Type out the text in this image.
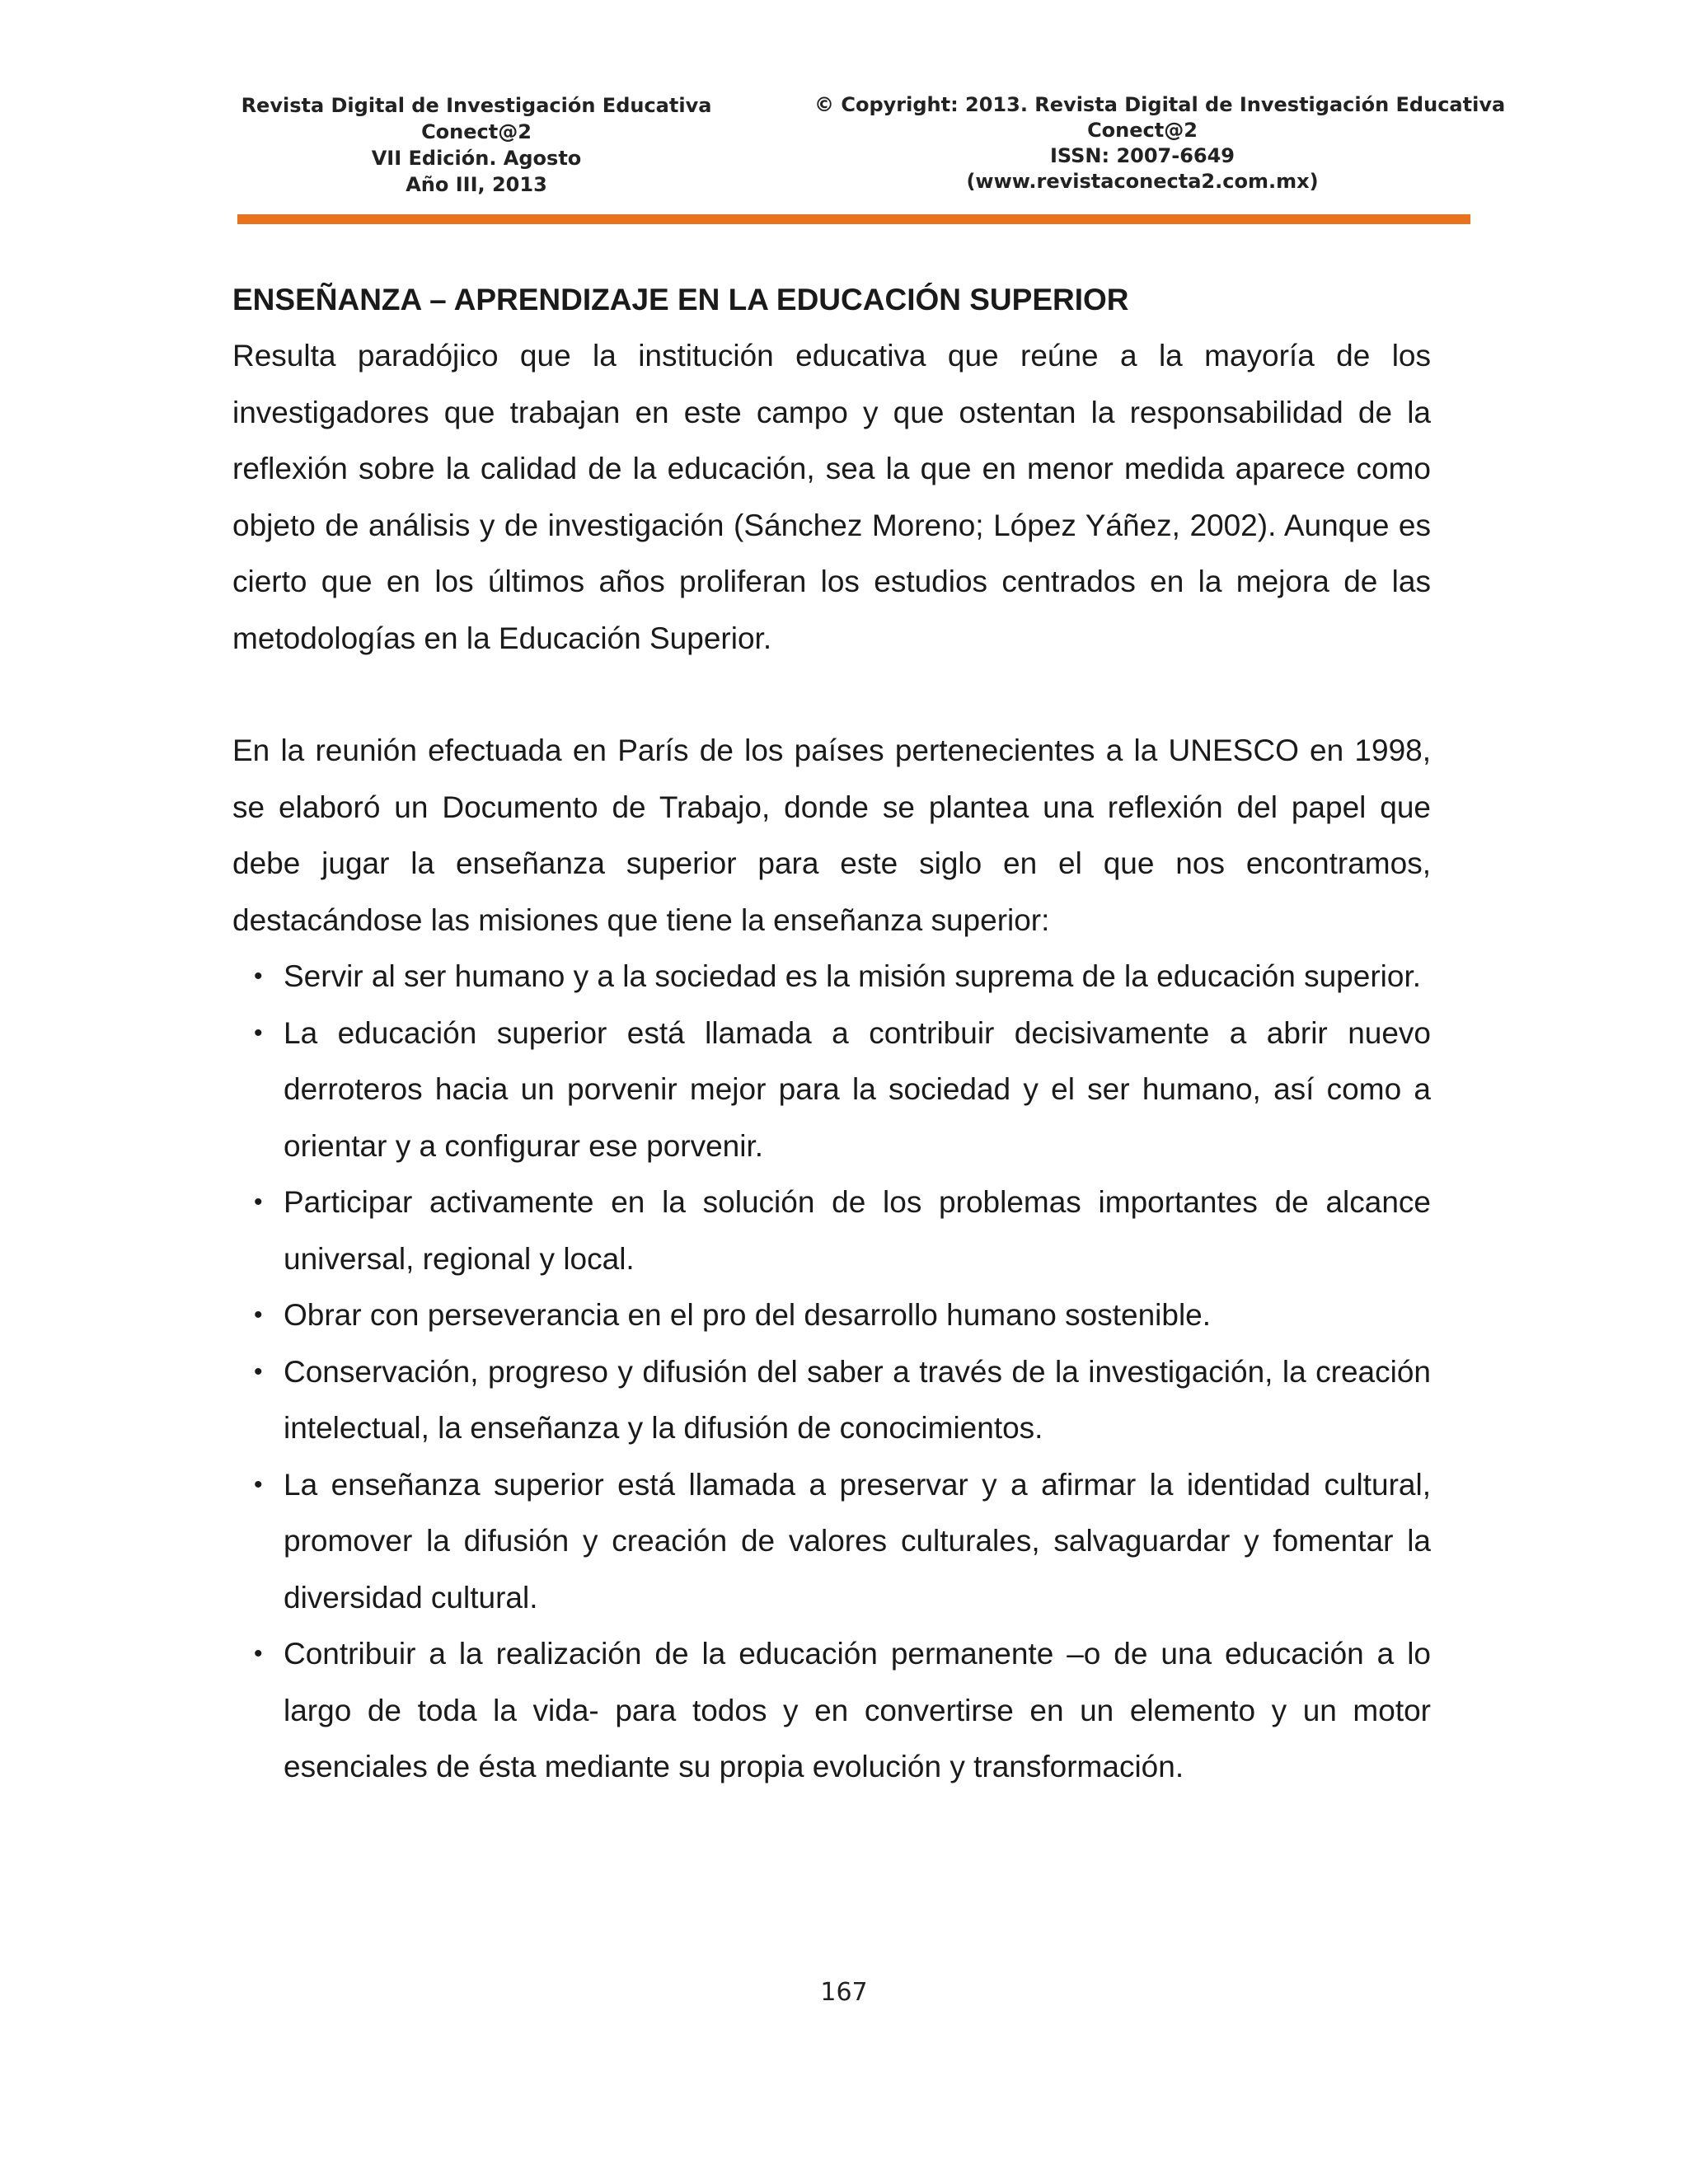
Revista Digital de Investigación Educativa
Conect@2
VII Edición. Agosto
Año III, 2013
© Copyright: 2013. Revista Digital de Investigación Educativa
Conect@2
ISSN: 2007-6649
(www.revistaconecta2.com.mx)
ENSEÑANZA – APRENDIZAJE EN LA EDUCACIÓN SUPERIOR

Resulta paradójico que la institución educativa que reúne a la mayoría de los investigadores que trabajan en este campo y que ostentan la responsabilidad de la reflexión sobre la calidad de la educación, sea la que en menor medida aparece como objeto de análisis y de investigación (Sánchez Moreno; López Yáñez, 2002). Aunque es cierto que en los últimos años proliferan los estudios centrados en la mejora de las metodologías en la Educación Superior.

En la reunión efectuada en París de los países pertenecientes a la UNESCO en 1998, se elaboró un Documento de Trabajo, donde se plantea una reflexión del papel que debe jugar la enseñanza superior para este siglo en el que nos encontramos, destacándose las misiones que tiene la enseñanza superior:

• Servir al ser humano y a la sociedad es la misión suprema de la educación superior.
• La educación superior está llamada a contribuir decisivamente a abrir nuevo derroteros hacia un porvenir mejor para la sociedad y el ser humano, así como a orientar y a configurar ese porvenir.
• Participar activamente en la solución de los problemas importantes de alcance universal, regional y local.
• Obrar con perseverancia en el pro del desarrollo humano sostenible.
• Conservación, progreso y difusión del saber a través de la investigación, la creación intelectual, la enseñanza y la difusión de conocimientos.
• La enseñanza superior está llamada a preservar y a afirmar la identidad cultural, promover la difusión y creación de valores culturales, salvaguardar y fomentar la diversidad cultural.
• Contribuir a la realización de la educación permanente –o de una educación a lo largo de toda la vida- para todos y en convertirse en un elemento y un motor esenciales de ésta mediante su propia evolución y transformación.
167
